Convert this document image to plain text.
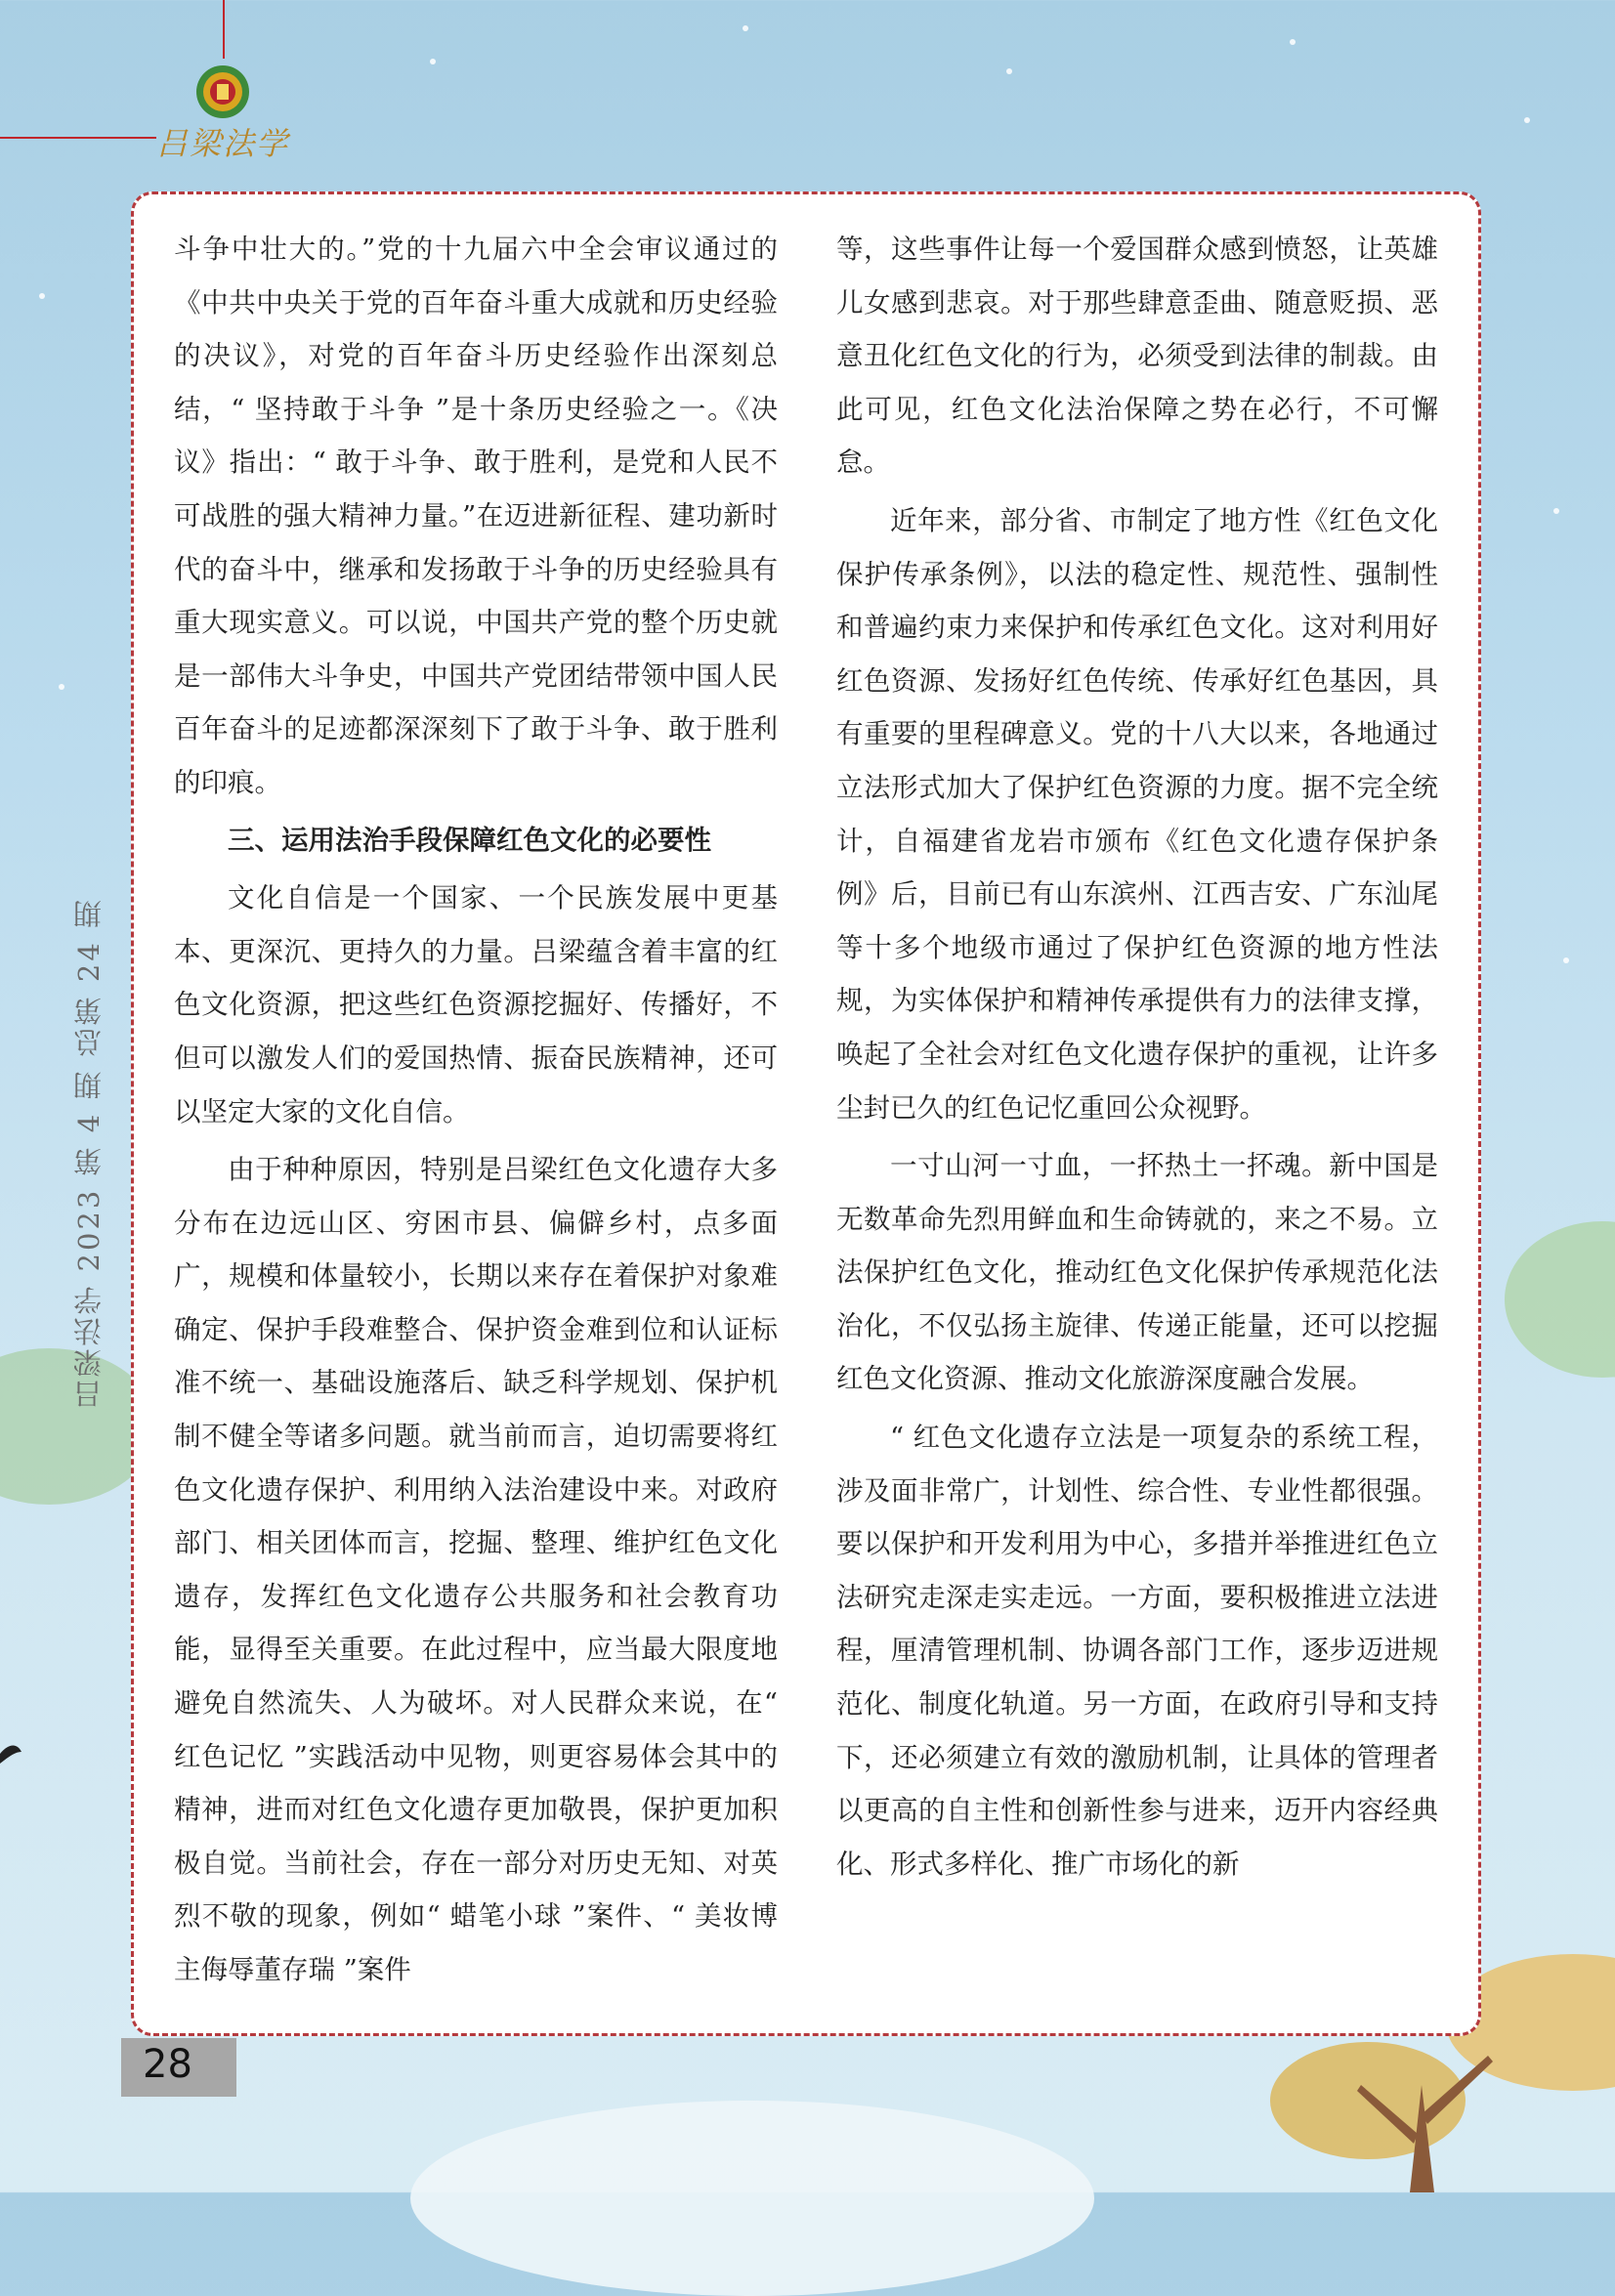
吕梁法学
吕梁法学 2023 第 4 期 总第 24 期

斗争中壮大的。”党的十九届六中全会审议通过的《中共中央关于党的百年奋斗重大成就和历史经验的决议》，对党的百年奋斗历史经验作出深刻总结，“ 坚持敢于斗争 ”是十条历史经验之一。《决议》指出：“ 敢于斗争、敢于胜利，是党和人民不可战胜的强大精神力量。”在迈进新征程、建功新时代的奋斗中，继承和发扬敢于斗争的历史经验具有重大现实意义。可以说，中国共产党的整个历史就是一部伟大斗争史，中国共产党团结带领中国人民百年奋斗的足迹都深深刻下了敢于斗争、敢于胜利的印痕。

三、运用法治手段保障红色文化的必要性

文化自信是一个国家、一个民族发展中更基本、更深沉、更持久的力量。吕梁蕴含着丰富的红色文化资源，把这些红色资源挖掘好、传播好，不但可以激发人们的爱国热情、振奋民族精神，还可以坚定大家的文化自信。

由于种种原因，特别是吕梁红色文化遗存大多分布在边远山区、穷困市县、偏僻乡村，点多面广，规模和体量较小，长期以来存在着保护对象难确定、保护手段难整合、保护资金难到位和认证标准不统一、基础设施落后、缺乏科学规划、保护机制不健全等诸多问题。就当前而言，迫切需要将红色文化遗存保护、利用纳入法治建设中来。对政府部门、相关团体而言，挖掘、整理、维护红色文化遗存，发挥红色文化遗存公共服务和社会教育功能，显得至关重要。在此过程中，应当最大限度地避免自然流失、人为破坏。对人民群众来说，在“ 红色记忆 ”实践活动中见物，则更容易体会其中的精神，进而对红色文化遗存更加敬畏，保护更加积极自觉。当前社会，存在一部分对历史无知、对英烈不敬的现象，例如“ 蜡笔小球 ”案件、“ 美妆博主侮辱董存瑞 ”案件

等，这些事件让每一个爱国群众感到愤怒，让英雄儿女感到悲哀。对于那些肆意歪曲、随意贬损、恶意丑化红色文化的行为，必须受到法律的制裁。由此可见，红色文化法治保障之势在必行，不可懈怠。

近年来，部分省、市制定了地方性《红色文化保护传承条例》，以法的稳定性、规范性、强制性和普遍约束力来保护和传承红色文化。这对利用好红色资源、发扬好红色传统、传承好红色基因，具有重要的里程碑意义。党的十八大以来，各地通过立法形式加大了保护红色资源的力度。据不完全统计，自福建省龙岩市颁布《红色文化遗存保护条例》后，目前已有山东滨州、江西吉安、广东汕尾等十多个地级市通过了保护红色资源的地方性法规，为实体保护和精神传承提供有力的法律支撑，唤起了全社会对红色文化遗存保护的重视，让许多尘封已久的红色记忆重回公众视野。

一寸山河一寸血，一抔热土一抔魂。新中国是无数革命先烈用鲜血和生命铸就的，来之不易。立法保护红色文化，推动红色文化保护传承规范化法治化，不仅弘扬主旋律、传递正能量，还可以挖掘红色文化资源、推动文化旅游深度融合发展。

“ 红色文化遗存立法是一项复杂的系统工程，涉及面非常广，计划性、综合性、专业性都很强。要以保护和开发利用为中心，多措并举推进红色立法研究走深走实走远。一方面，要积极推进立法进程，厘清管理机制、协调各部门工作，逐步迈进规范化、制度化轨道。另一方面，在政府引导和支持下，还必须建立有效的激励机制，让具体的管理者以更高的自主性和创新性参与进来，迈开内容经典化、形式多样化、推广市场化的新

28
